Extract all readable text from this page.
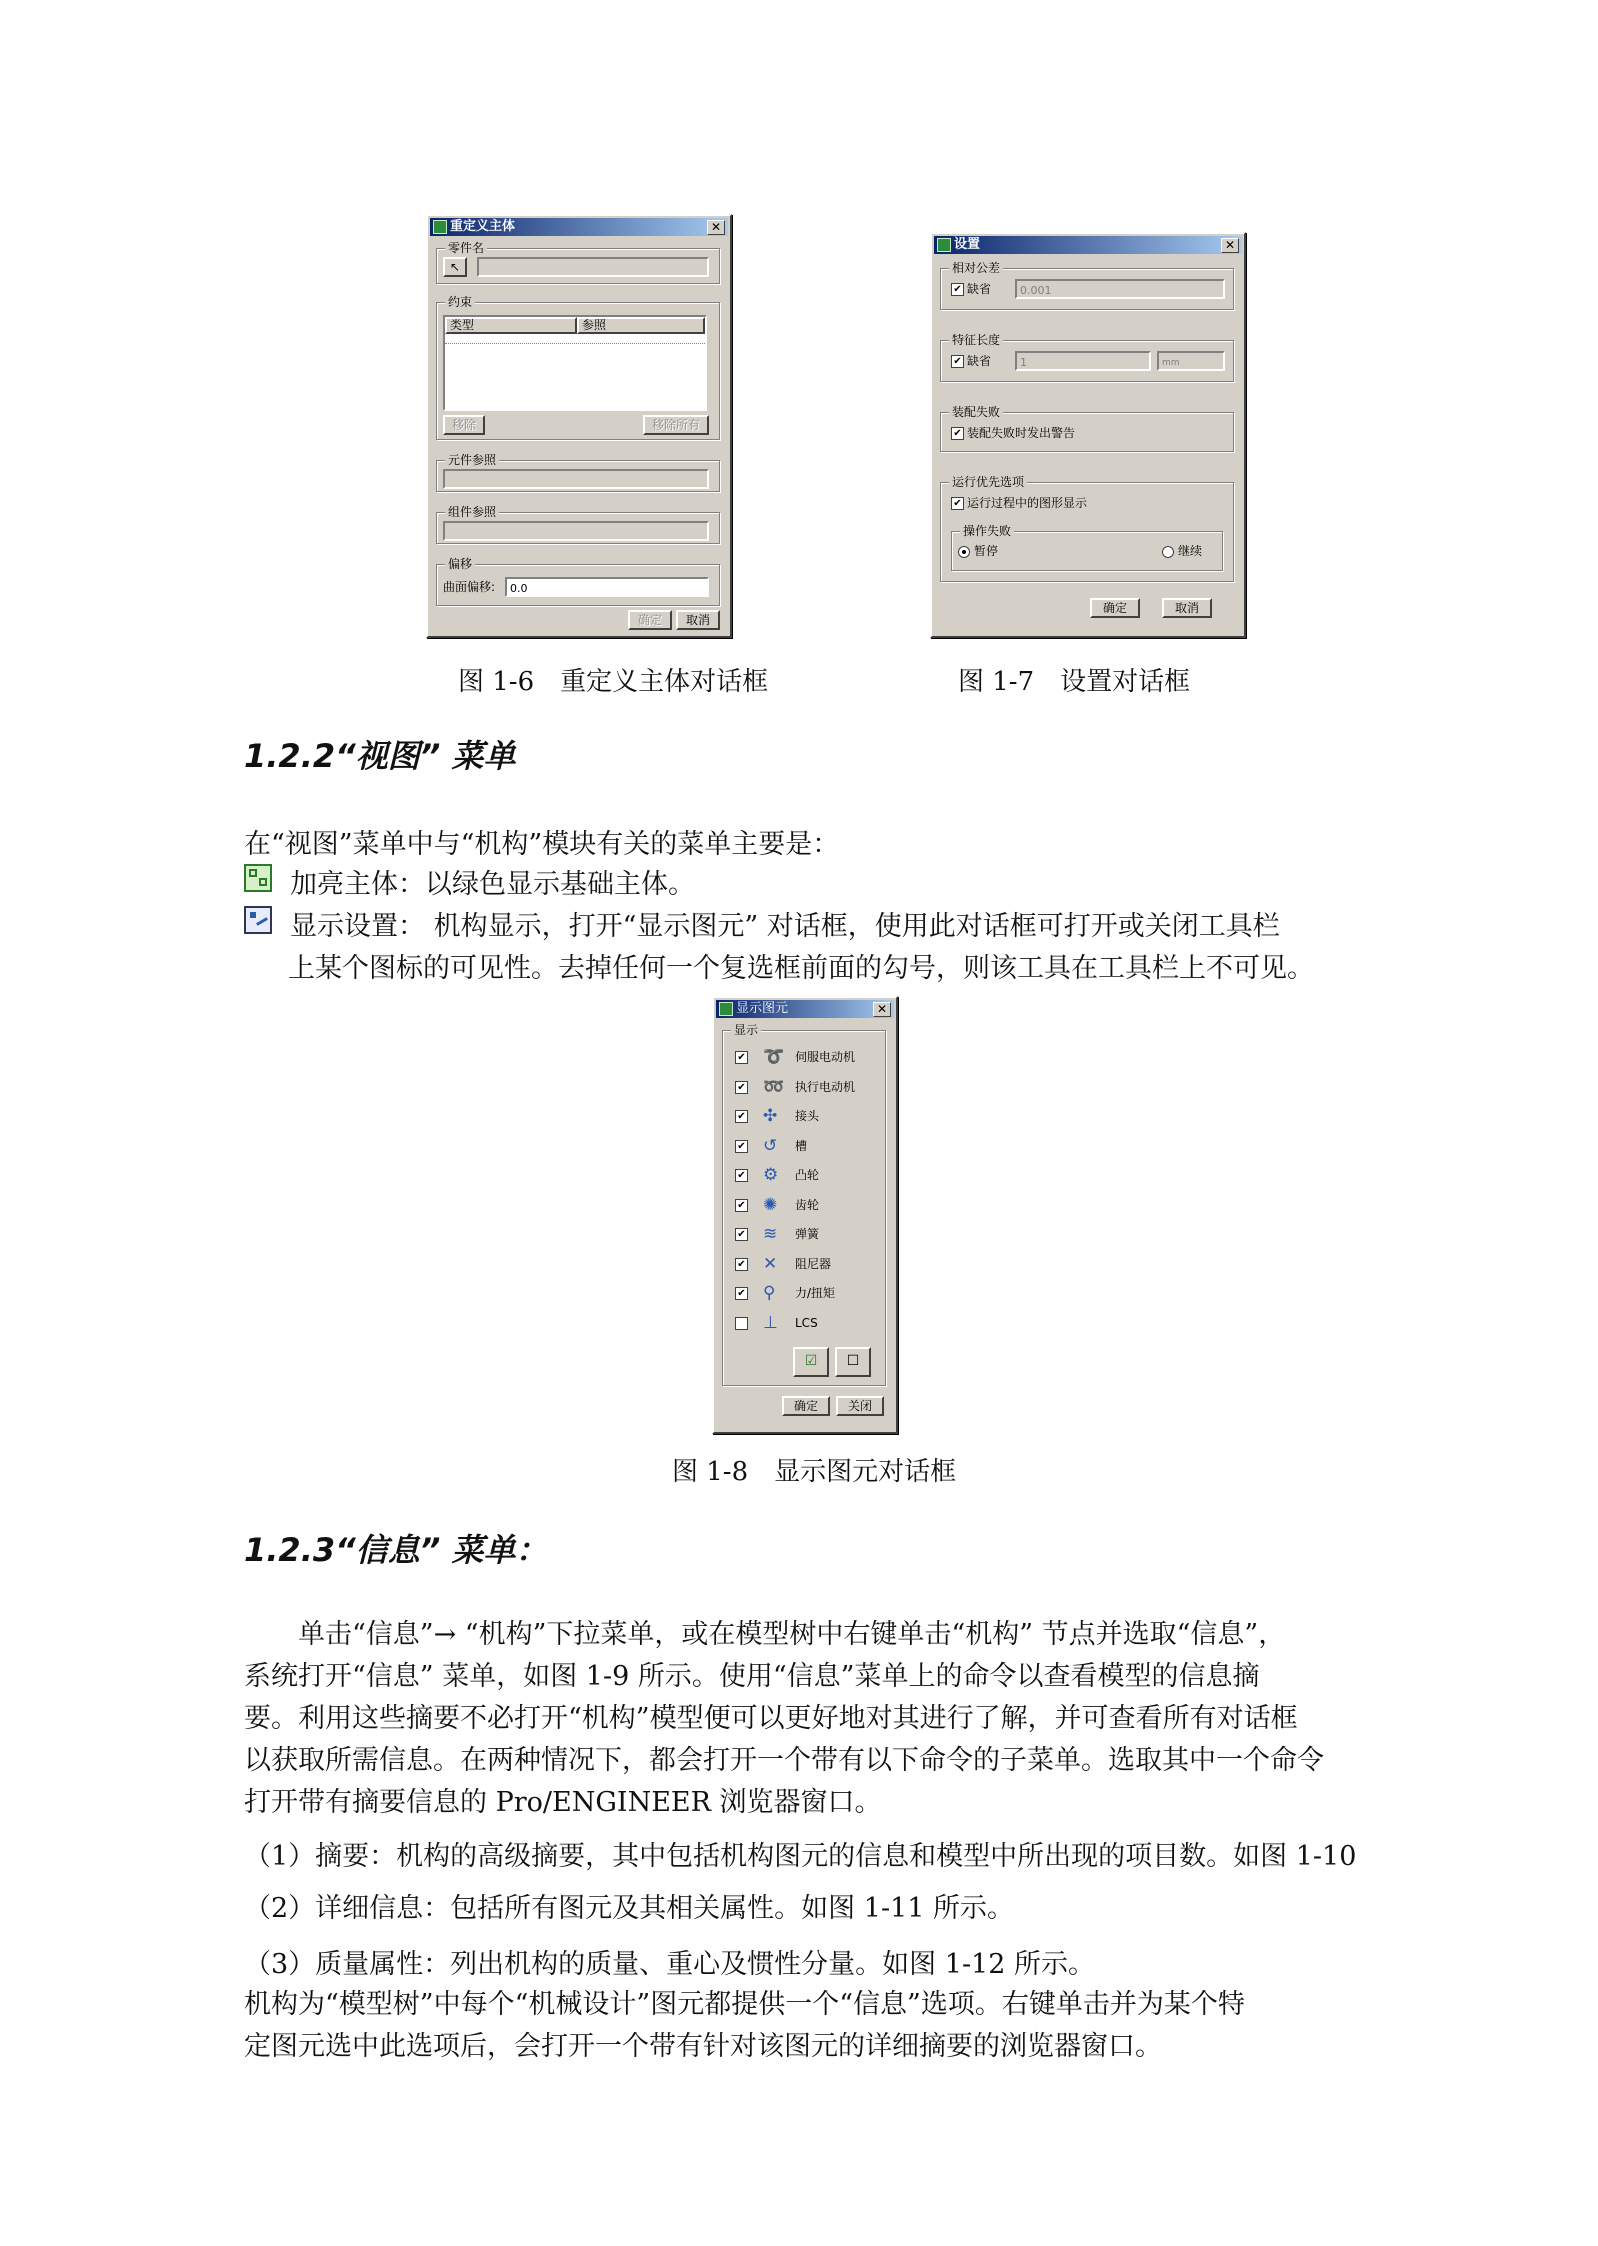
重定义主体	✕
零件名
↖
约束
类型	参照
移除	移除所有
元件参照
组件参照
偏移
曲面偏移:	0.0
确定	取消
图 1-6　重定义主体对话框
设置	✕
相对公差
✔ 缺省	0.001
特征长度
✔ 缺省	1	mm
装配失败
✔ 装配失败时发出警告
运行优先选项
✔ 运行过程中的图形显示
操作失败
暂停	继续
确定	取消
图 1-7　设置对话框
1.2.2“视图” 菜单
在“视图”菜单中与“机构”模块有关的菜单主要是：
加亮主体：以绿色显示基础主体。
显示设置： 机构显示，打开“显示图元” 对话框，使用此对话框可打开或关闭工具栏
上某个图标的可见性。去掉任何一个复选框前面的勾号，则该工具在工具栏上不可见。
显示图元	✕
显示
✔ ➰ 伺服电动机
✔ ➿ 执行电动机
✔ ✣ 接头
✔ ↺ 槽
✔ ⚙ 凸轮
✔ ✺ 齿轮
✔ ≋ 弹簧
✔ ✕ 阻尼器
✔ ⚲ 力/扭矩
⊥ LCS
☑	☐
确定	关闭
图 1-8　显示图元对话框
1.2.3“信息” 菜单：
单击“信息”→ “机构”下拉菜单，或在模型树中右键单击“机构” 节点并选取“信息”，
系统打开“信息” 菜单，如图 1-9 所示。使用“信息”菜单上的命令以查看模型的信息摘
要。利用这些摘要不必打开“机构”模型便可以更好地对其进行了解，并可查看所有对话框
以获取所需信息。在两种情况下，都会打开一个带有以下命令的子菜单。选取其中一个命令
打开带有摘要信息的 Pro/ENGINEER 浏览器窗口。
（1）摘要：机构的高级摘要，其中包括机构图元的信息和模型中所出现的项目数。如图 1-10
（2）详细信息：包括所有图元及其相关属性。如图 1-11 所示。
（3）质量属性：列出机构的质量、重心及惯性分量。如图 1-12 所示。
机构为“模型树”中每个“机械设计”图元都提供一个“信息”选项。右键单击并为某个特
定图元选中此选项后，会打开一个带有针对该图元的详细摘要的浏览器窗口。
